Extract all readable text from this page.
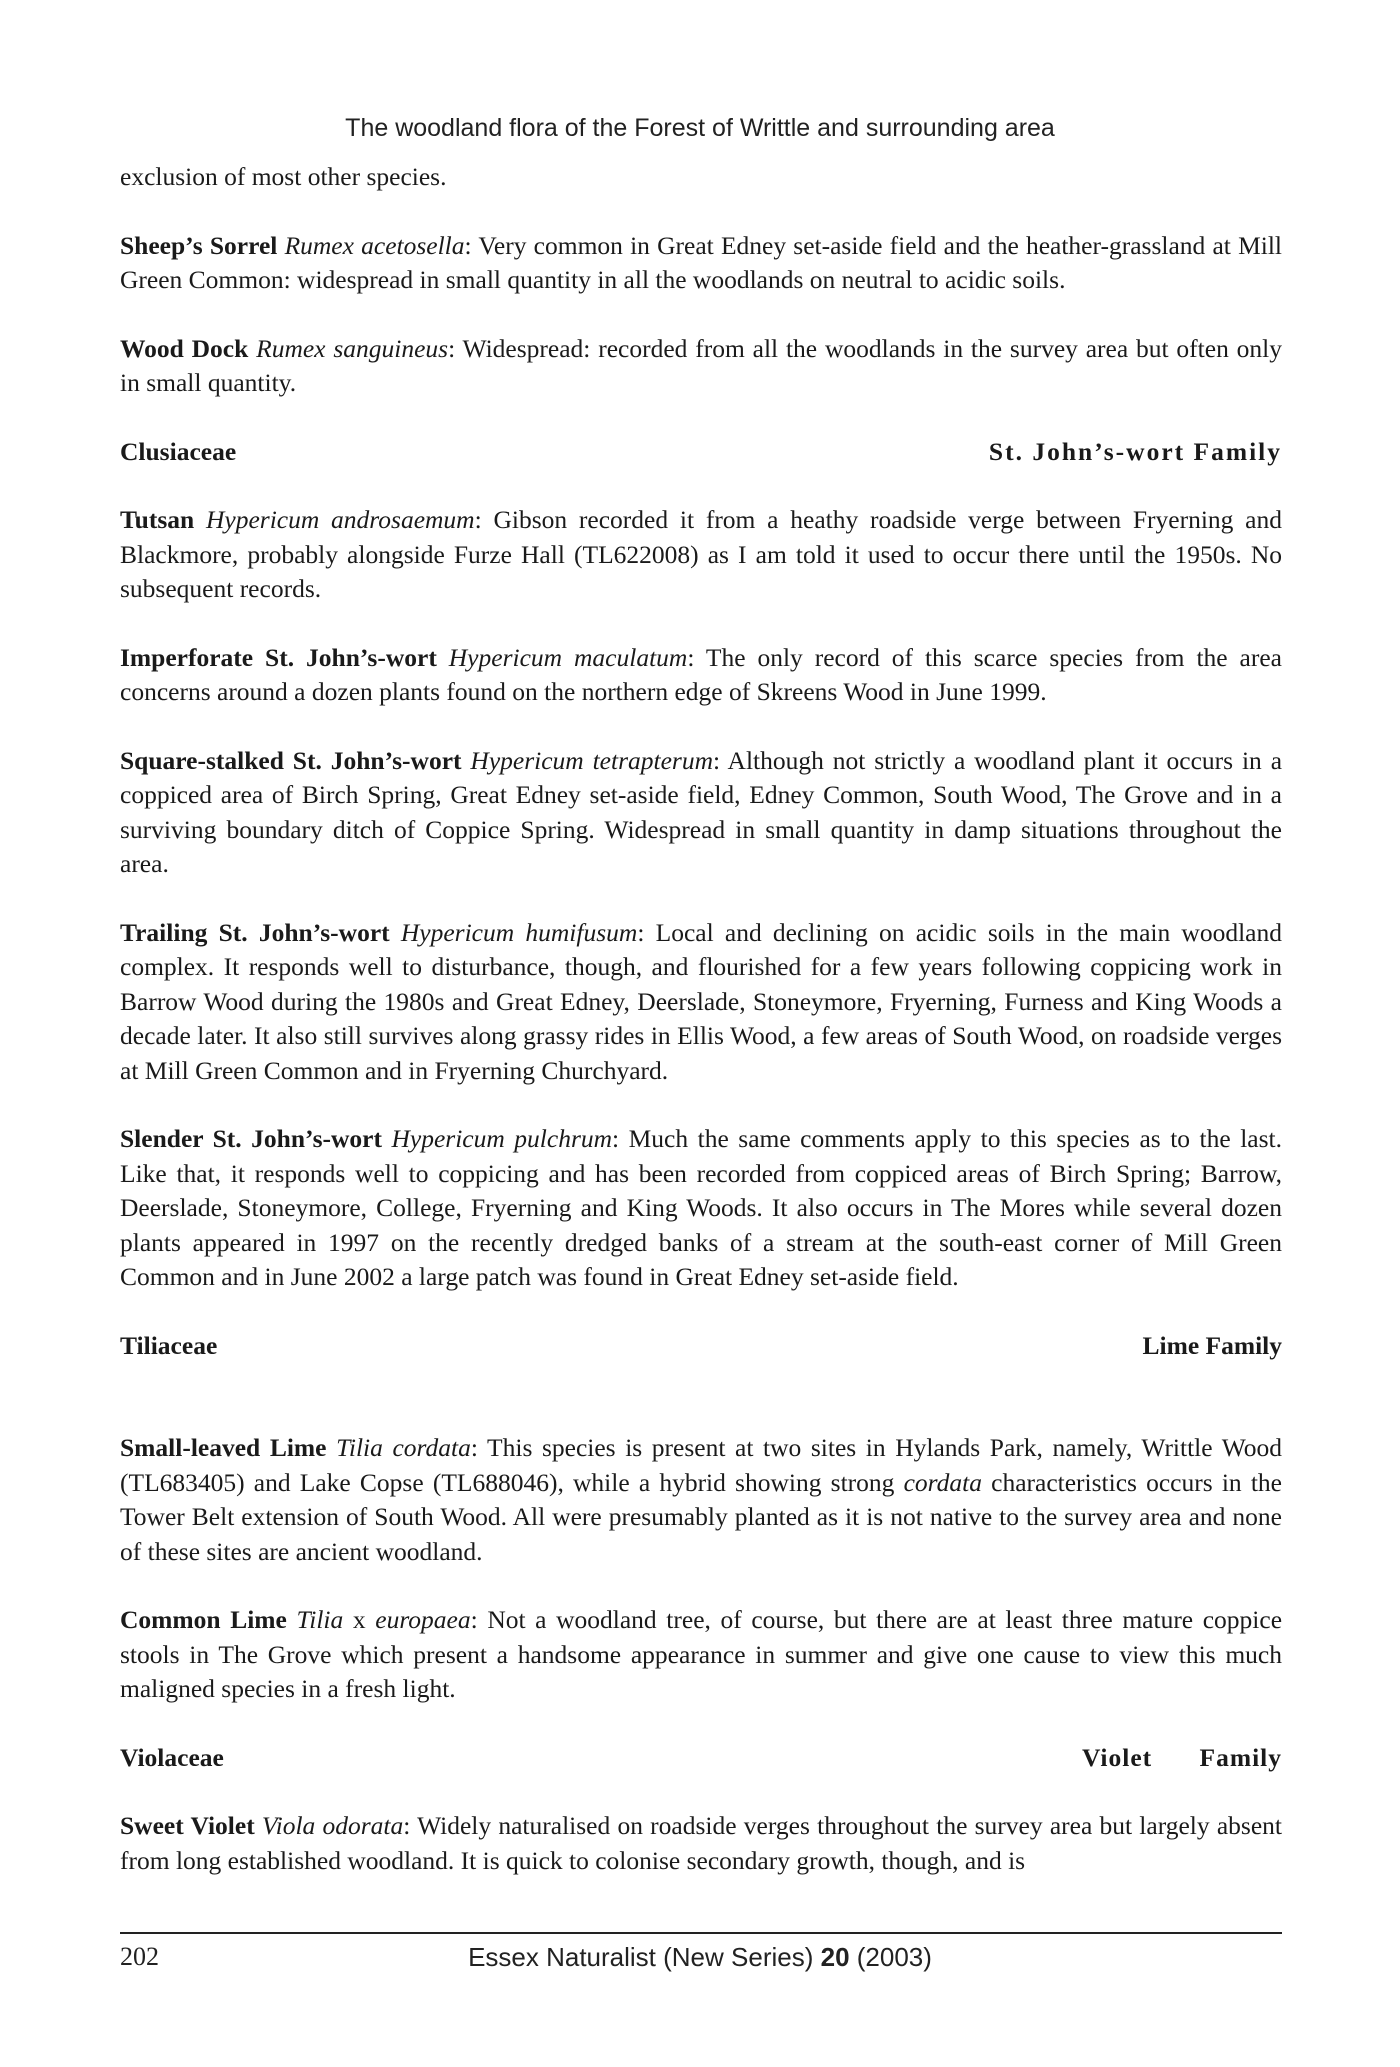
The woodland flora of the Forest of Writtle and surrounding area

exclusion of most other species.

Sheep’s Sorrel Rumex acetosella: Very common in Great Edney set-aside field and the heather-grassland at Mill Green Common: widespread in small quantity in all the woodlands on neutral to acidic soils.

Wood Dock Rumex sanguineus: Widespread: recorded from all the woodlands in the survey area but often only in small quantity.

Clusiaceae	St. John’s-wort Family

Tutsan Hypericum androsaemum: Gibson recorded it from a heathy roadside verge between Fryerning and Blackmore, probably alongside Furze Hall (TL622008) as I am told it used to occur there until the 1950s. No subsequent records.

Imperforate St. John’s-wort Hypericum maculatum: The only record of this scarce species from the area concerns around a dozen plants found on the northern edge of Skreens Wood in June 1999.

Square-stalked St. John’s-wort Hypericum tetrapterum: Although not strictly a woodland plant it occurs in a coppiced area of Birch Spring, Great Edney set-aside field, Edney Common, South Wood, The Grove and in a surviving boundary ditch of Coppice Spring. Widespread in small quantity in damp situations throughout the area.

Trailing St. John’s-wort Hypericum humifusum: Local and declining on acidic soils in the main woodland complex. It responds well to disturbance, though, and flourished for a few years following coppicing work in Barrow Wood during the 1980s and Great Edney, Deerslade, Stoneymore, Fryerning, Furness and King Woods a decade later. It also still survives along grassy rides in Ellis Wood, a few areas of South Wood, on roadside verges at Mill Green Common and in Fryerning Churchyard.

Slender St. John’s-wort Hypericum pulchrum: Much the same comments apply to this species as to the last. Like that, it responds well to coppicing and has been recorded from coppiced areas of Birch Spring; Barrow, Deerslade, Stoneymore, College, Fryerning and King Woods. It also occurs in The Mores while several dozen plants appeared in 1997 on the recently dredged banks of a stream at the south-east corner of Mill Green Common and in June 2002 a large patch was found in Great Edney set-aside field.

Tiliaceae	Lime Family

Small-leaved Lime Tilia cordata: This species is present at two sites in Hylands Park, namely, Writtle Wood (TL683405) and Lake Copse (TL688046), while a hybrid showing strong cordata characteristics occurs in the Tower Belt extension of South Wood. All were presumably planted as it is not native to the survey area and none of these sites are ancient woodland.

Common Lime Tilia x europaea: Not a woodland tree, of course, but there are at least three mature coppice stools in The Grove which present a handsome appearance in summer and give one cause to view this much maligned species in a fresh light.

Violaceae	Violet Family

Sweet Violet Viola odorata: Widely naturalised on roadside verges throughout the survey area but largely absent from long established woodland. It is quick to colonise secondary growth, though, and is

202	Essex Naturalist (New Series) 20 (2003)
